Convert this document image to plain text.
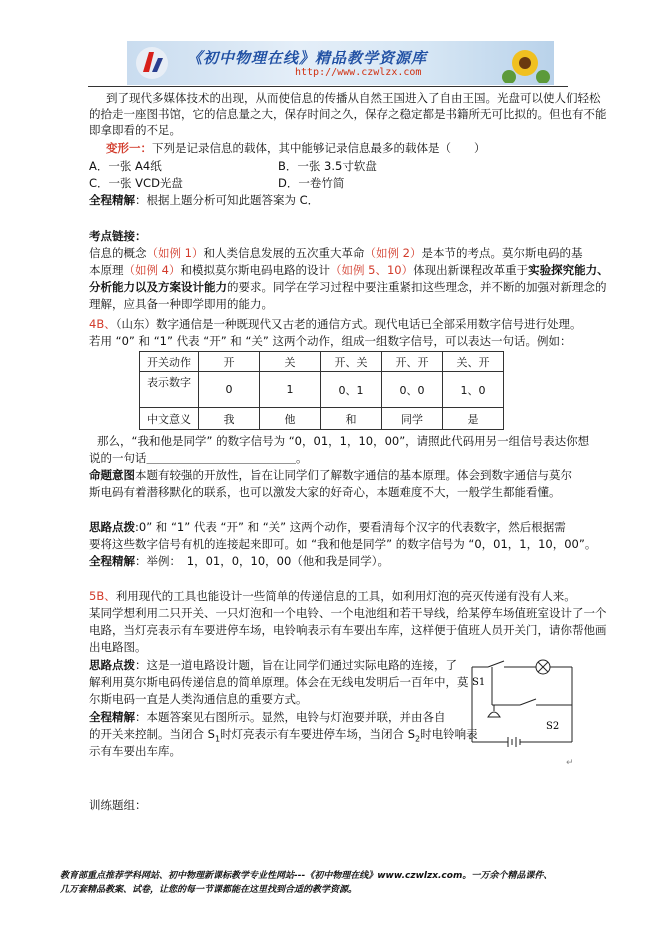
《初中物理在线》精品教学资源库
http://www.czwlzx.com
到了现代多媒体技术的出现，从而使信息的传播从自然王国进入了自由王国。光盘可以使人们轻松
的拾走一座图书馆，它的信息量之大，保存时间之久，保存之稳定都是书籍所无可比拟的。但也有不能
即拿即看的不足。
变形一：下列是记录信息的载体，其中能够记录信息最多的载体是（　　）
A．一张 A4纸	B．一张 3.5寸软盘
C．一张 VCD光盘	D．一卷竹简
全程精解：根据上题分析可知此题答案为 C．
考点链接：
信息的概念（如例 1）和人类信息发展的五次重大革命（如例 2）是本节的考点。莫尔斯电码的基
本原理（如例 4）和模拟莫尔斯电码电路的设计（如例 5、10）体现出新课程改革重于实验探究能力、
分析能力以及方案设计能力的要求。同学在学习过程中要注重紧扣这些理念，并不断的加强对新理念的
理解，应具备一种即学即用的能力。
4B、（山东）数字通信是一种既现代又古老的通信方式。现代电话已全部采用数字信号进行处理。
若用 “0” 和 “1” 代表 “开” 和 “关” 这两个动作，组成一组数字信号，可以表达一句话。例如：
开关动作	开	关	开、关	开、开	关、开
表示数字	0	1	0、1	0、0	1、0
中文意义	我	他	和	同学	是
那么，“我和他是同学” 的数字信号为 “0，01，1，10，00”，请照此代码用另一组信号表达你想
说的一句话＿＿＿＿＿＿＿＿＿＿＿＿＿。
命题意图本题有较强的开放性，旨在让同学们了解数字通信的基本原理。体会到数字通信与莫尔
斯电码有着潜移默化的联系，也可以激发大家的好奇心，本题难度不大，一般学生都能看懂。
思路点拨:0” 和 “1” 代表 “开” 和 “关” 这两个动作，要看清每个汉字的代表数字，然后根据需
要将这些数字信号有机的连接起来即可。如 “我和他是同学” 的数字信号为 “0，01，1，10，00”。
全程精解：举例：　1，01，0，10，00（他和我是同学）。
5B、利用现代的工具也能设计一些简单的传递信息的工具，如利用灯泡的亮灭传递有没有人来。
某同学想利用二只开关、一只灯泡和一个电铃、一个电池组和若干导线，给某停车场值班室设计了一个
电路，当灯亮表示有车要进停车场，电铃响表示有车要出车库，这样便于值班人员开关门，请你帮他画
出电路图。
思路点拨：这是一道电路设计题，旨在让同学们通过实际电路的连接，了
解利用莫尔斯电码传递信息的简单原理。体会在无线电发明后一百年中，莫
尔斯电码一直是人类沟通信息的重要方式。
全程精解：本题答案见右图所示。显然，电铃与灯泡要并联，并由各自
的开关来控制。当闭合 $S_1$时灯亮表示有车要进停车场，当闭合 $S_2$时电铃响表
示有车要出车库。
S1
S2
↵
训练题组：
教育部重点推荐学科网站、初中物理新课标教学专业性网站---《初中物理在线》www.czwlzx.com。一万余个精品课件、
几万套精品教案、试卷，让您的每一节课都能在这里找到合适的教学资源。
